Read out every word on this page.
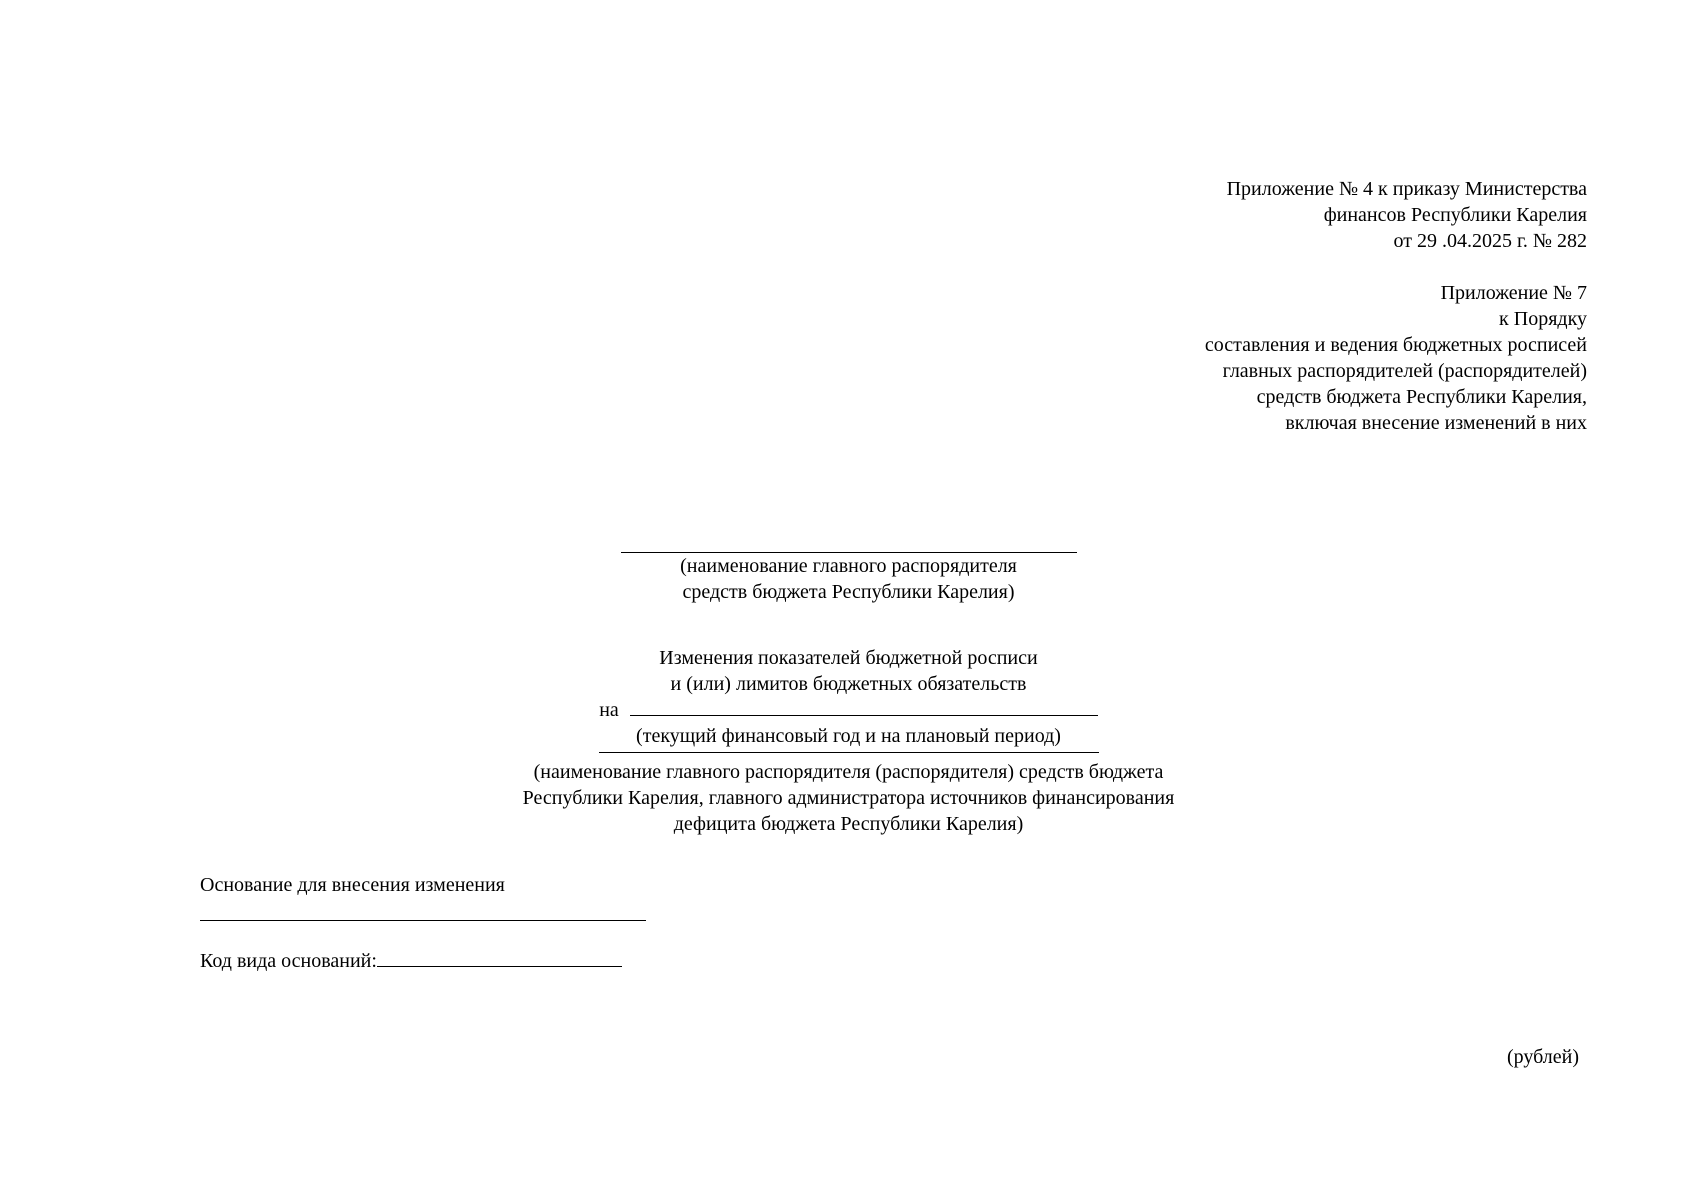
Приложение № 4 к приказу Министерства
финансов Республики Карелия
от 29 .04.2025 г. № 282
Приложение № 7
к Порядку
составления и ведения бюджетных росписей
главных распорядителей (распорядителей)
средств бюджета Республики Карелия,
включая внесение изменений в них
(наименование главного распорядителя
средств бюджета Республики Карелия)
Изменения показателей бюджетной росписи
и (или) лимитов бюджетных обязательств
на
(текущий финансовый год и на плановый период)
(наименование главного распорядителя (распорядителя) средств бюджета
Республики Карелия, главного администратора источников финансирования
дефицита бюджета Республики Карелия)
Основание для внесения изменения
Код вида оснований:
(рублей)
